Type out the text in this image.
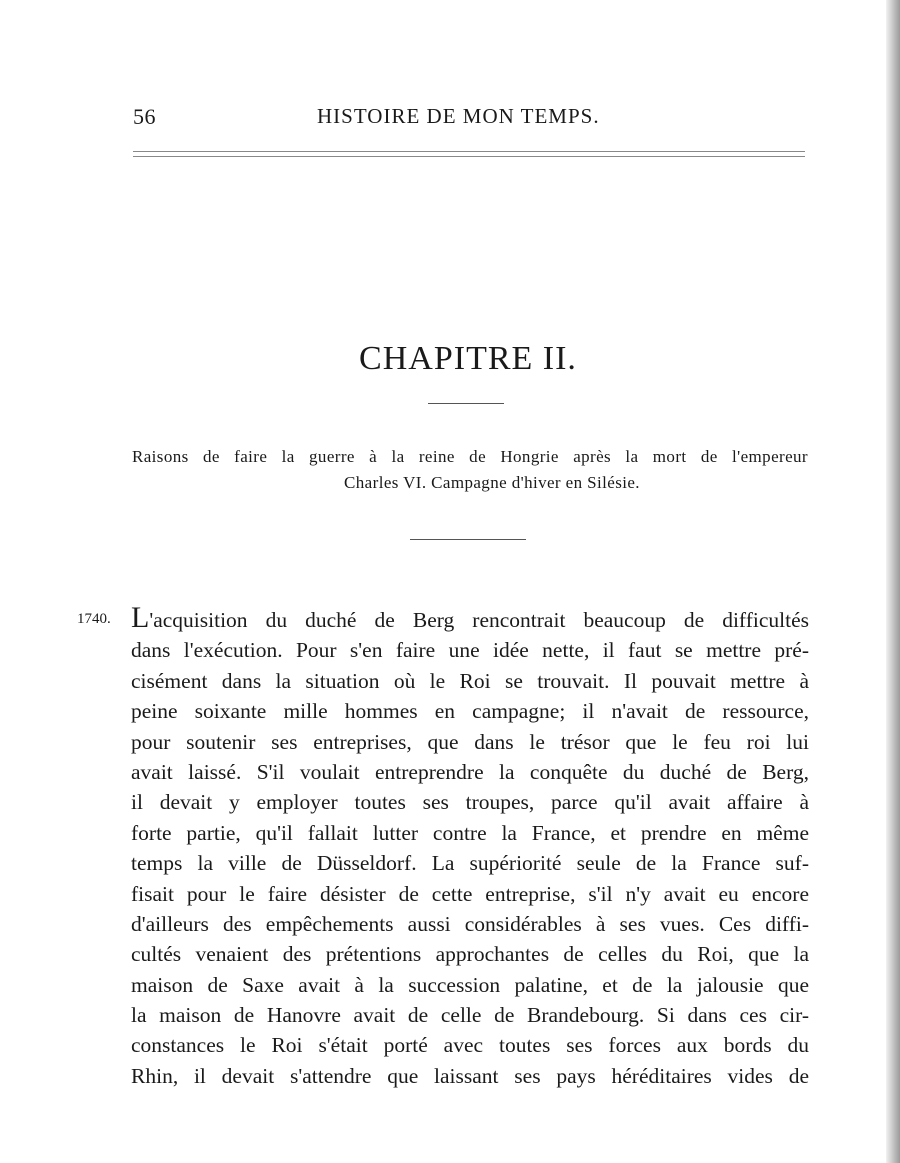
56	HISTOIRE DE MON TEMPS.
CHAPITRE II.
Raisons de faire la guerre à la reine de Hongrie après la mort de l'empereur
Charles VI. Campagne d'hiver en Silésie.
1740. L'acquisition du duché de Berg rencontrait beaucoup de difficultés
dans l'exécution. Pour s'en faire une idée nette, il faut se mettre pré-
cisément dans la situation où le Roi se trouvait. Il pouvait mettre à
peine soixante mille hommes en campagne; il n'avait de ressource,
pour soutenir ses entreprises, que dans le trésor que le feu roi lui
avait laissé. S'il voulait entreprendre la conquête du duché de Berg,
il devait y employer toutes ses troupes, parce qu'il avait affaire à
forte partie, qu'il fallait lutter contre la France, et prendre en même
temps la ville de Düsseldorf. La supériorité seule de la France suf-
fisait pour le faire désister de cette entreprise, s'il n'y avait eu encore
d'ailleurs des empêchements aussi considérables à ses vues. Ces diffi-
cultés venaient des prétentions approchantes de celles du Roi, que la
maison de Saxe avait à la succession palatine, et de la jalousie que
la maison de Hanovre avait de celle de Brandebourg. Si dans ces cir-
constances le Roi s'était porté avec toutes ses forces aux bords du
Rhin, il devait s'attendre que laissant ses pays héréditaires vides de
